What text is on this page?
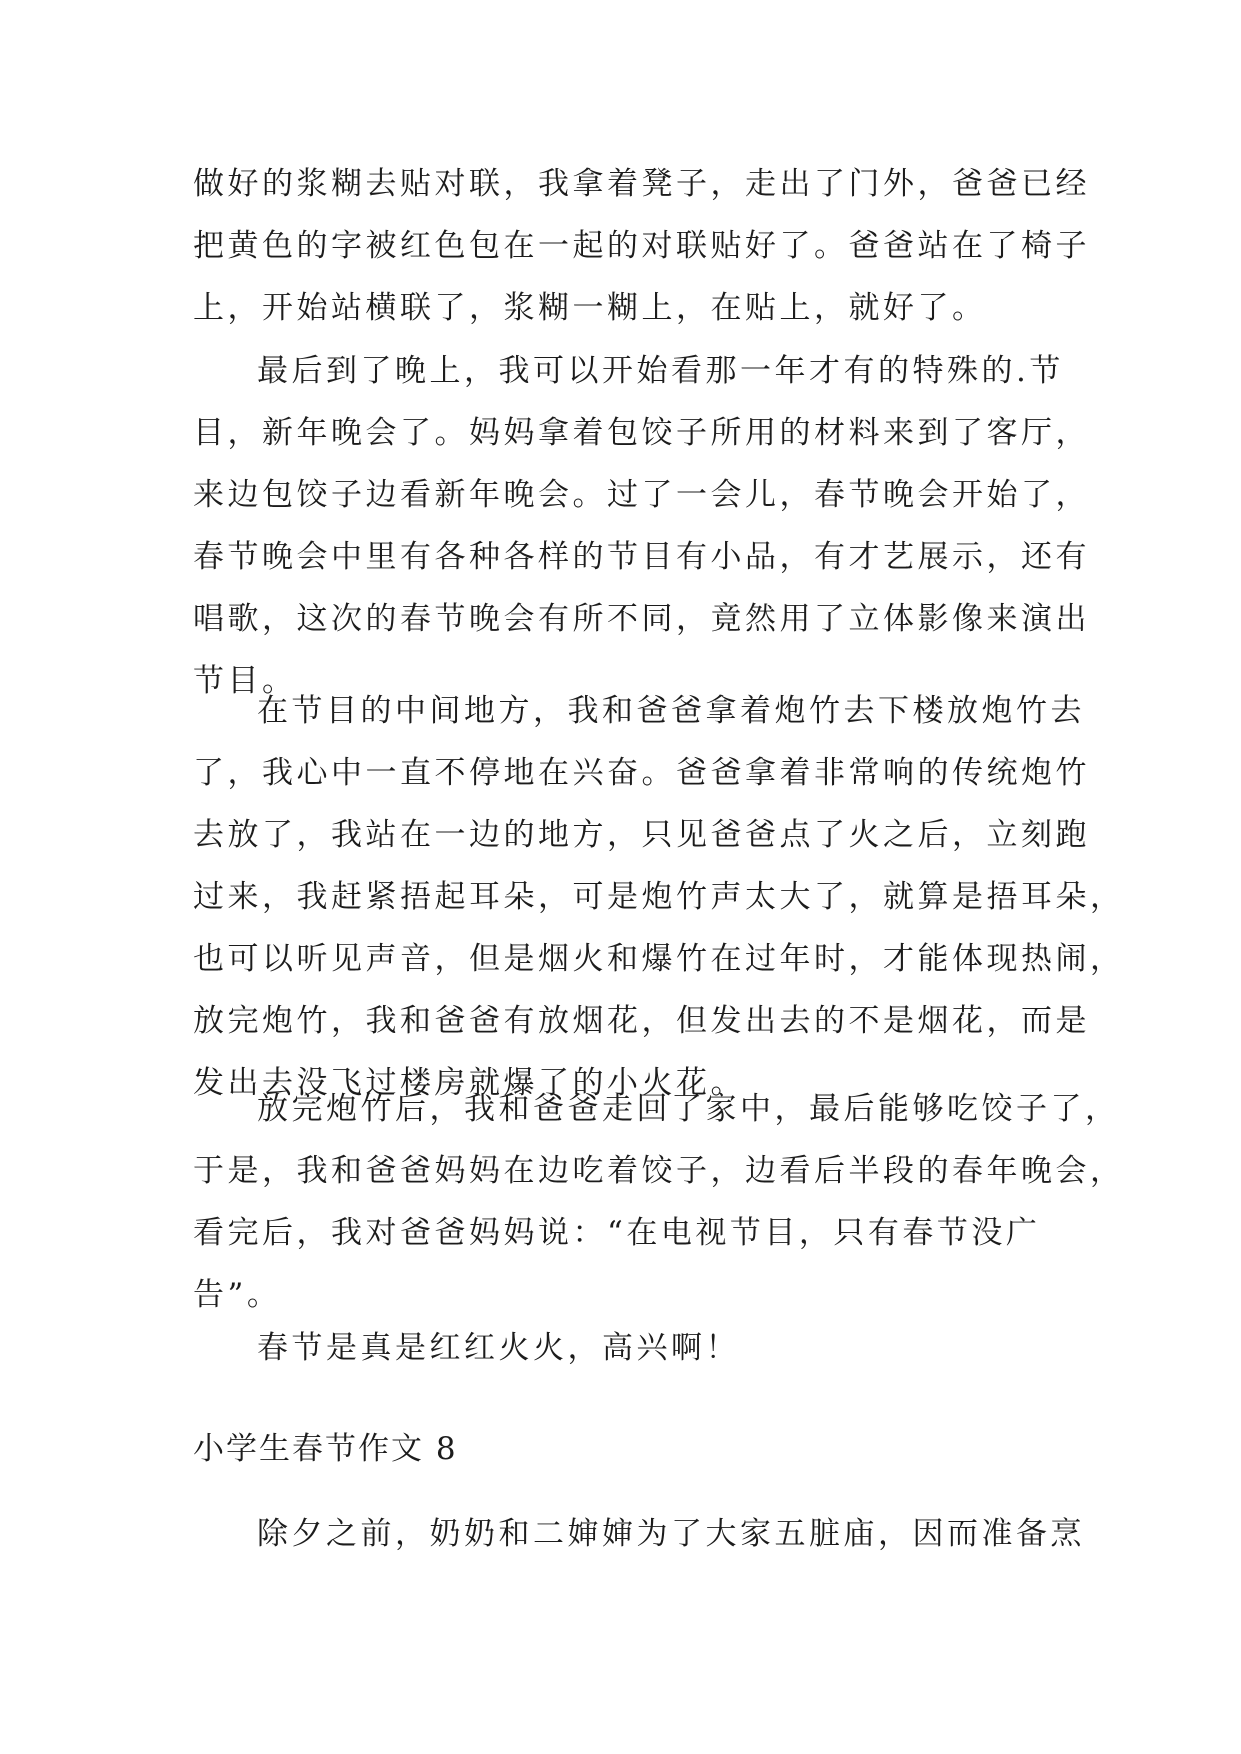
做好的浆糊去贴对联，我拿着凳子，走出了门外，爸爸已经
把黄色的字被红色包在一起的对联贴好了。爸爸站在了椅子
上，开始站横联了，浆糊一糊上，在贴上，就好了。

最后到了晚上，我可以开始看那一年才有的特殊的.节
目，新年晚会了。妈妈拿着包饺子所用的材料来到了客厅，
来边包饺子边看新年晚会。过了一会儿，春节晚会开始了，
春节晚会中里有各种各样的节目有小品，有才艺展示，还有
唱歌，这次的春节晚会有所不同，竟然用了立体影像来演出
节目。

在节目的中间地方，我和爸爸拿着炮竹去下楼放炮竹去
了，我心中一直不停地在兴奋。爸爸拿着非常响的传统炮竹
去放了，我站在一边的地方，只见爸爸点了火之后，立刻跑
过来，我赶紧捂起耳朵，可是炮竹声太大了，就算是捂耳朵，
也可以听见声音，但是烟火和爆竹在过年时，才能体现热闹，
放完炮竹，我和爸爸有放烟花，但发出去的不是烟花，而是
发出去没飞过楼房就爆了的小火花。

放完炮竹后，我和爸爸走回了家中，最后能够吃饺子了，
于是，我和爸爸妈妈在边吃着饺子，边看后半段的春年晚会，
看完后，我对爸爸妈妈说：“在电视节目，只有春节没广
告”。

春节是真是红红火火，高兴啊！

小学生春节作文 8

除夕之前，奶奶和二婶婶为了大家五脏庙，因而准备烹
